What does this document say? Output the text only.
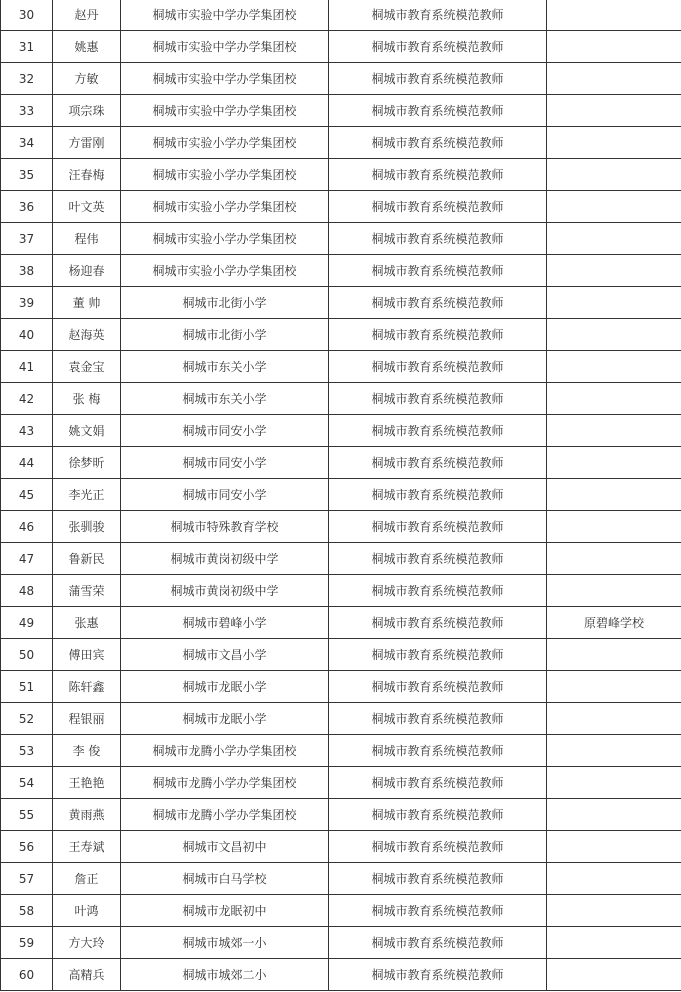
30	赵丹	桐城市实验中学办学集团校	桐城市教育系统模范教师	
31	姚惠	桐城市实验中学办学集团校	桐城市教育系统模范教师	
32	方敏	桐城市实验中学办学集团校	桐城市教育系统模范教师	
33	项宗珠	桐城市实验中学办学集团校	桐城市教育系统模范教师	
34	方雷刚	桐城市实验小学办学集团校	桐城市教育系统模范教师	
35	汪春梅	桐城市实验小学办学集团校	桐城市教育系统模范教师	
36	叶文英	桐城市实验小学办学集团校	桐城市教育系统模范教师	
37	程伟	桐城市实验小学办学集团校	桐城市教育系统模范教师	
38	杨迎春	桐城市实验小学办学集团校	桐城市教育系统模范教师	
39	董 帅	桐城市北街小学	桐城市教育系统模范教师	
40	赵海英	桐城市北街小学	桐城市教育系统模范教师	
41	袁金宝	桐城市东关小学	桐城市教育系统模范教师	
42	张 梅	桐城市东关小学	桐城市教育系统模范教师	
43	姚文娟	桐城市同安小学	桐城市教育系统模范教师	
44	徐梦昕	桐城市同安小学	桐城市教育系统模范教师	
45	李光正	桐城市同安小学	桐城市教育系统模范教师	
46	张驯骏	桐城市特殊教育学校	桐城市教育系统模范教师	
47	鲁新民	桐城市黄岗初级中学	桐城市教育系统模范教师	
48	蒲雪荣	桐城市黄岗初级中学	桐城市教育系统模范教师	
49	张惠	桐城市碧峰小学	桐城市教育系统模范教师	原碧峰学校
50	傅田宾	桐城市文昌小学	桐城市教育系统模范教师	
51	陈轩鑫	桐城市龙眠小学	桐城市教育系统模范教师	
52	程银丽	桐城市龙眠小学	桐城市教育系统模范教师	
53	李 俊	桐城市龙腾小学办学集团校	桐城市教育系统模范教师	
54	王艳艳	桐城市龙腾小学办学集团校	桐城市教育系统模范教师	
55	黄雨燕	桐城市龙腾小学办学集团校	桐城市教育系统模范教师	
56	王寿斌	桐城市文昌初中	桐城市教育系统模范教师	
57	詹正	桐城市白马学校	桐城市教育系统模范教师	
58	叶鸿	桐城市龙眠初中	桐城市教育系统模范教师	
59	方大玲	桐城市城郊一小	桐城市教育系统模范教师	
60	高精兵	桐城市城郊二小	桐城市教育系统模范教师	
